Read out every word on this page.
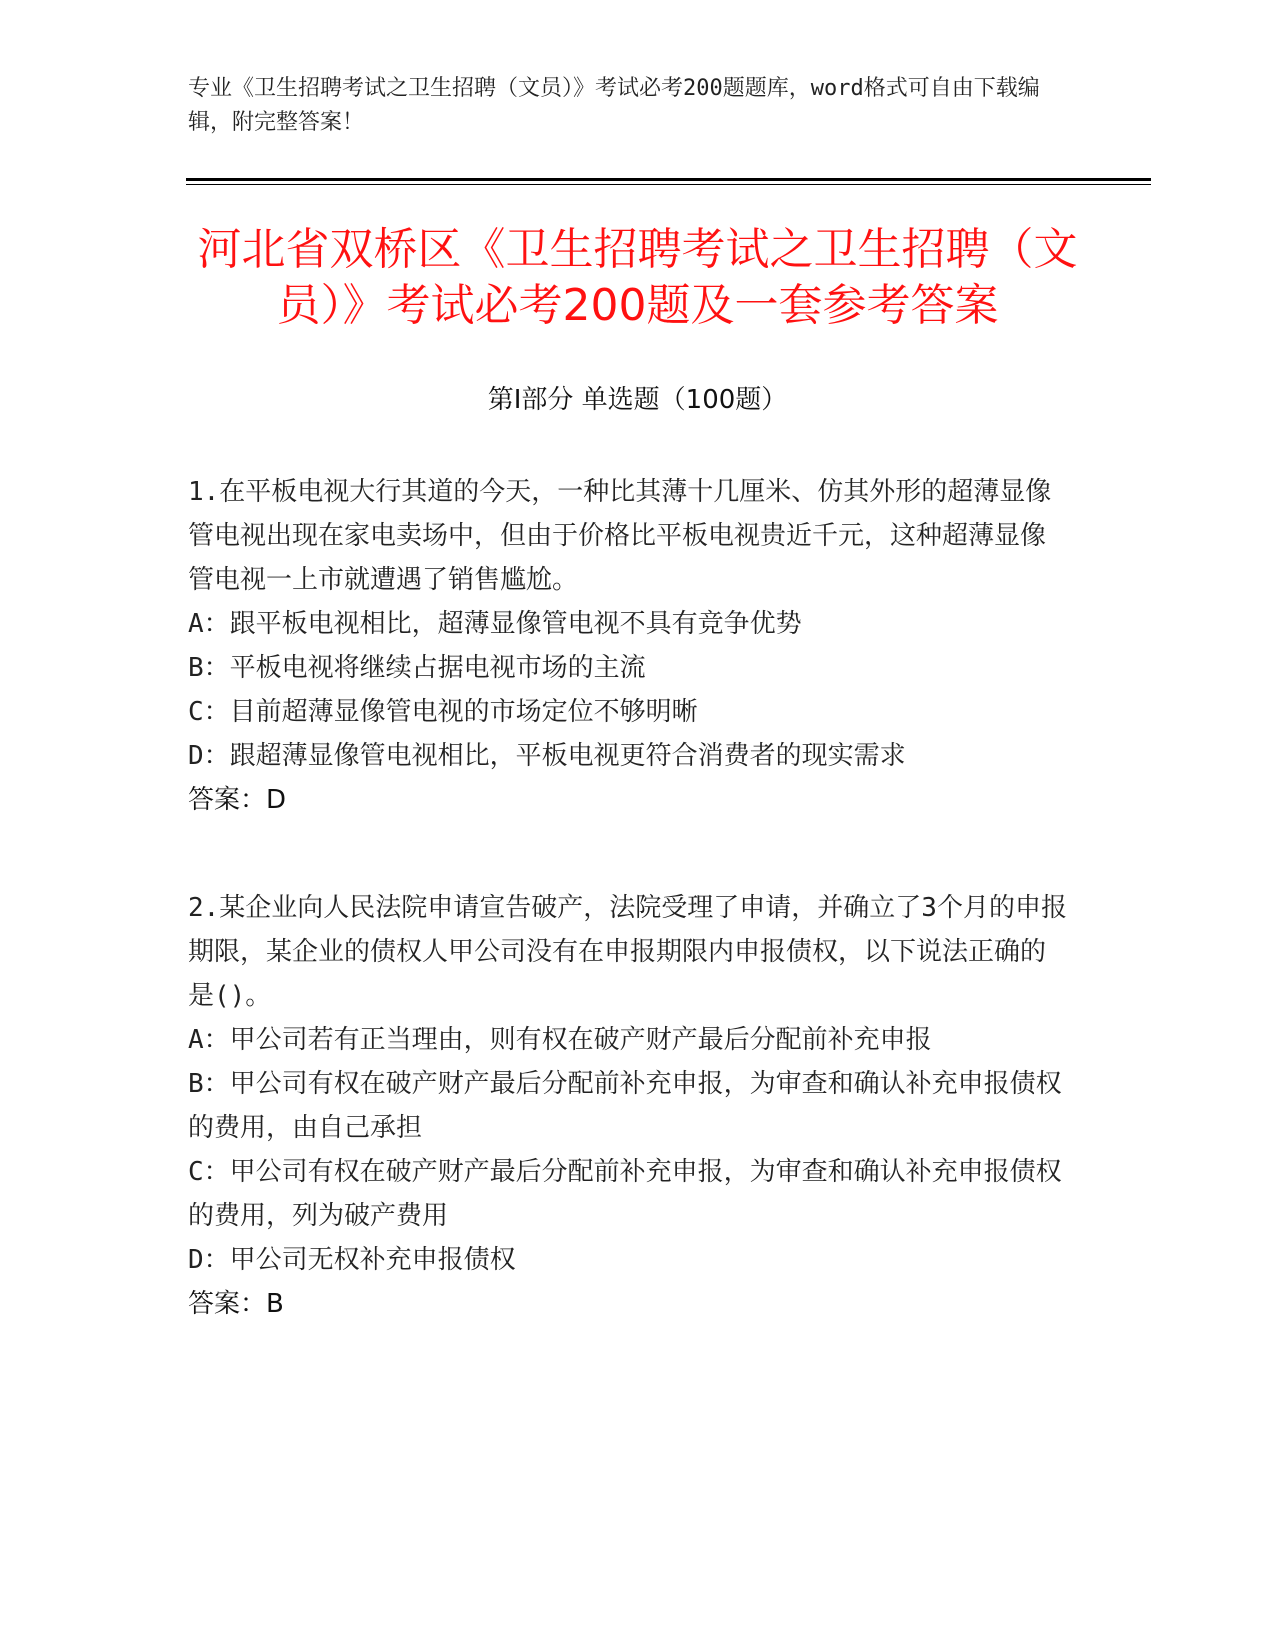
专业《卫生招聘考试之卫生招聘（文员）》考试必考200题题库，word格式可自由下载编辑，附完整答案！
河北省双桥区《卫生招聘考试之卫生招聘（文员）》考试必考200题及一套参考答案
第Ⅰ部分 单选题（100题）
1.在平板电视大行其道的今天，一种比其薄十几厘米、仿其外形的超薄显像管电视出现在家电卖场中，但由于价格比平板电视贵近千元，这种超薄显像管电视一上市就遭遇了销售尴尬。
A：跟平板电视相比，超薄显像管电视不具有竞争优势
B：平板电视将继续占据电视市场的主流
C：目前超薄显像管电视的市场定位不够明晰
D：跟超薄显像管电视相比，平板电视更符合消费者的现实需求
答案：D
2.某企业向人民法院申请宣告破产，法院受理了申请，并确立了3个月的申报期限，某企业的债权人甲公司没有在申报期限内申报债权，以下说法正确的是()。
A：甲公司若有正当理由，则有权在破产财产最后分配前补充申报
B：甲公司有权在破产财产最后分配前补充申报，为审查和确认补充申报债权的费用，由自己承担
C：甲公司有权在破产财产最后分配前补充申报，为审查和确认补充申报债权的费用，列为破产费用
D：甲公司无权补充申报债权
答案：B
